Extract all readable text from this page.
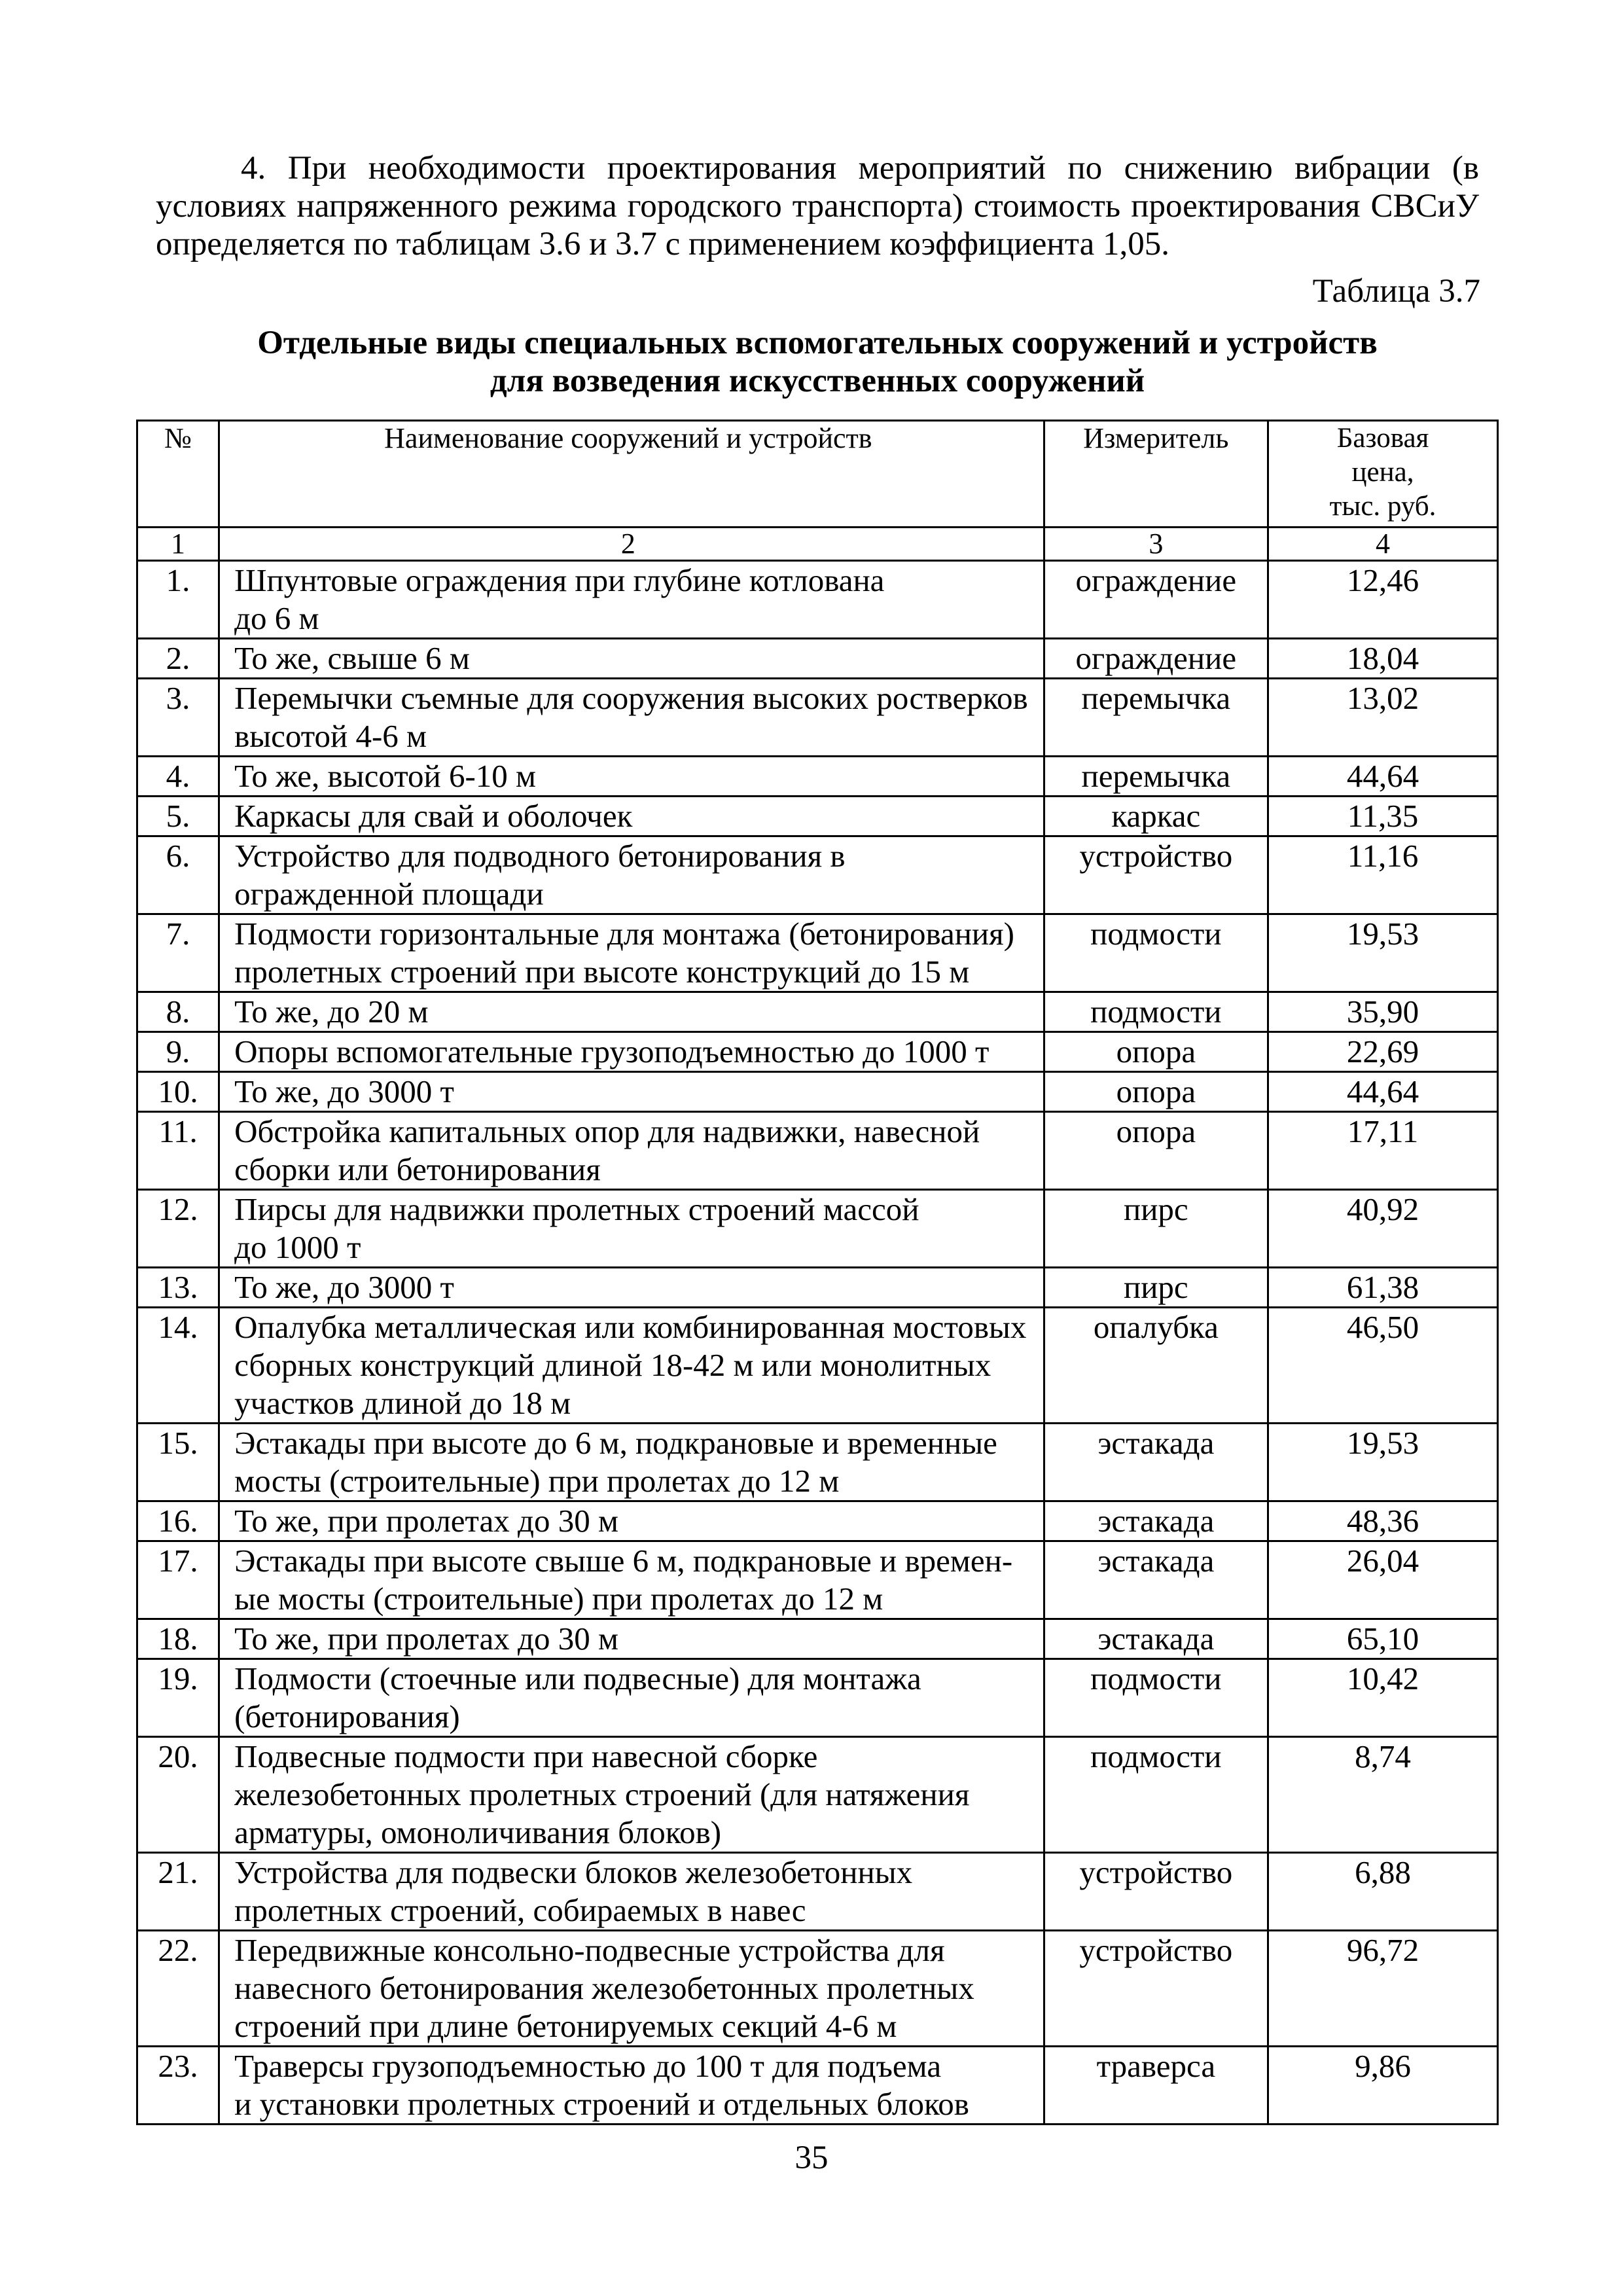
4. При необходимости проектирования мероприятий по снижению вибрации (в условиях напряженного режима городского транспорта) стоимость проектирования СВСиУ определяется по таблицам 3.6 и 3.7 с применением коэффициента 1,05.
Таблица 3.7
Отдельные виды специальных вспомогательных сооружений и устройств
для возведения искусственных сооружений
№	Наименование сооружений и устройств	Измеритель	Базовая
цена,
тыс. руб.

1	2	3	4
1.	Шпунтовые ограждения при глубине котлована
до 6 м	ограждение	12,46
2.	То же, свыше 6 м	ограждение	18,04
3.	Перемычки съемные для сооружения высоких ростверков
высотой 4-6 м	перемычка	13,02
4.	То же, высотой 6-10 м	перемычка	44,64
5.	Каркасы для свай и оболочек	каркас	11,35
6.	Устройство для подводного бетонирования в
огражденной площади	устройство	11,16
7.	Подмости горизонтальные для монтажа (бетонирования)
пролетных строений при высоте конструкций до 15 м	подмости	19,53
8.	То же, до 20 м	подмости	35,90
9.	Опоры вспомогательные грузоподъемностью до 1000 т	опора	22,69
10.	То же, до 3000 т	опора	44,64
11.	Обстройка капитальных опор для надвижки, навесной
сборки или бетонирования	опора	17,11
12.	Пирсы для надвижки пролетных строений массой
до 1000 т	пирс	40,92
13.	То же, до 3000 т	пирс	61,38
14.	Опалубка металлическая или комбинированная мостовых
сборных конструкций длиной 18-42 м или монолитных
участков длиной до 18 м	опалубка	46,50
15.	Эстакады при высоте до 6 м, подкрановые и временные
мосты (строительные) при пролетах до 12 м	эстакада	19,53
16.	То же, при пролетах до 30 м	эстакада	48,36
17.	Эстакады при высоте свыше 6 м, подкрановые и времен-
ые мосты (строительные) при пролетах до 12 м	эстакада	26,04
18.	То же, при пролетах до 30 м	эстакада	65,10
19.	Подмости (стоечные или подвесные) для монтажа
(бетонирования)	подмости	10,42
20.	Подвесные подмости при навесной сборке
железобетонных пролетных строений (для натяжения
арматуры, омоноличивания блоков)	подмости	8,74
21.	Устройства для подвески блоков железобетонных
пролетных строений, собираемых в навес	устройство	6,88
22.	Передвижные консольно-подвесные устройства для
навесного бетонирования железобетонных пролетных
строений при длине бетонируемых секций 4-6 м	устройство	96,72
23.	Траверсы грузоподъемностью до 100 т для подъема
и установки пролетных строений и отдельных блоков	траверса	9,86
35
